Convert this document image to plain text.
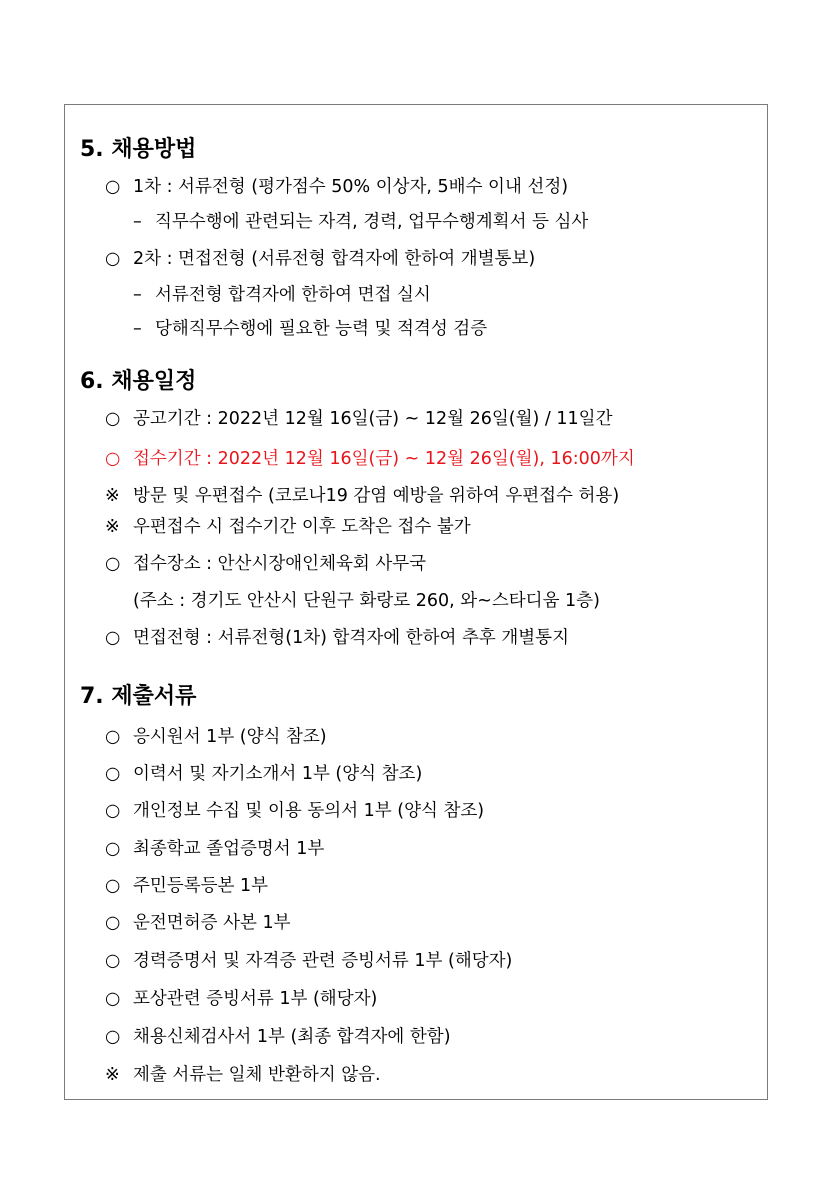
5. 채용방법
○ 1차 : 서류전형 (평가점수 50% 이상자, 5배수 이내 선정)
– 직무수행에 관련되는 자격, 경력, 업무수행계획서 등 심사
○ 2차 : 면접전형 (서류전형 합격자에 한하여 개별통보)
– 서류전형 합격자에 한하여 면접 실시
– 당해직무수행에 필요한 능력 및 적격성 검증
6. 채용일정
○ 공고기간 : 2022년 12월 16일(금) ~ 12월 26일(월) / 11일간
○ 접수기간 : 2022년 12월 16일(금) ~ 12월 26일(월), 16:00까지
※ 방문 및 우편접수 (코로나19 감염 예방을 위하여 우편접수 허용)
※ 우편접수 시 접수기간 이후 도착은 접수 불가
○ 접수장소 : 안산시장애인체육회 사무국
(주소 : 경기도 안산시 단원구 화랑로 260, 와~스타디움 1층)
○ 면접전형 : 서류전형(1차) 합격자에 한하여 추후 개별통지
7. 제출서류
○ 응시원서 1부 (양식 참조)
○ 이력서 및 자기소개서 1부 (양식 참조)
○ 개인정보 수집 및 이용 동의서 1부 (양식 참조)
○ 최종학교 졸업증명서 1부
○ 주민등록등본 1부
○ 운전면허증 사본 1부
○ 경력증명서 및 자격증 관련 증빙서류 1부 (해당자)
○ 포상관련 증빙서류 1부 (해당자)
○ 채용신체검사서 1부 (최종 합격자에 한함)
※ 제출 서류는 일체 반환하지 않음.
